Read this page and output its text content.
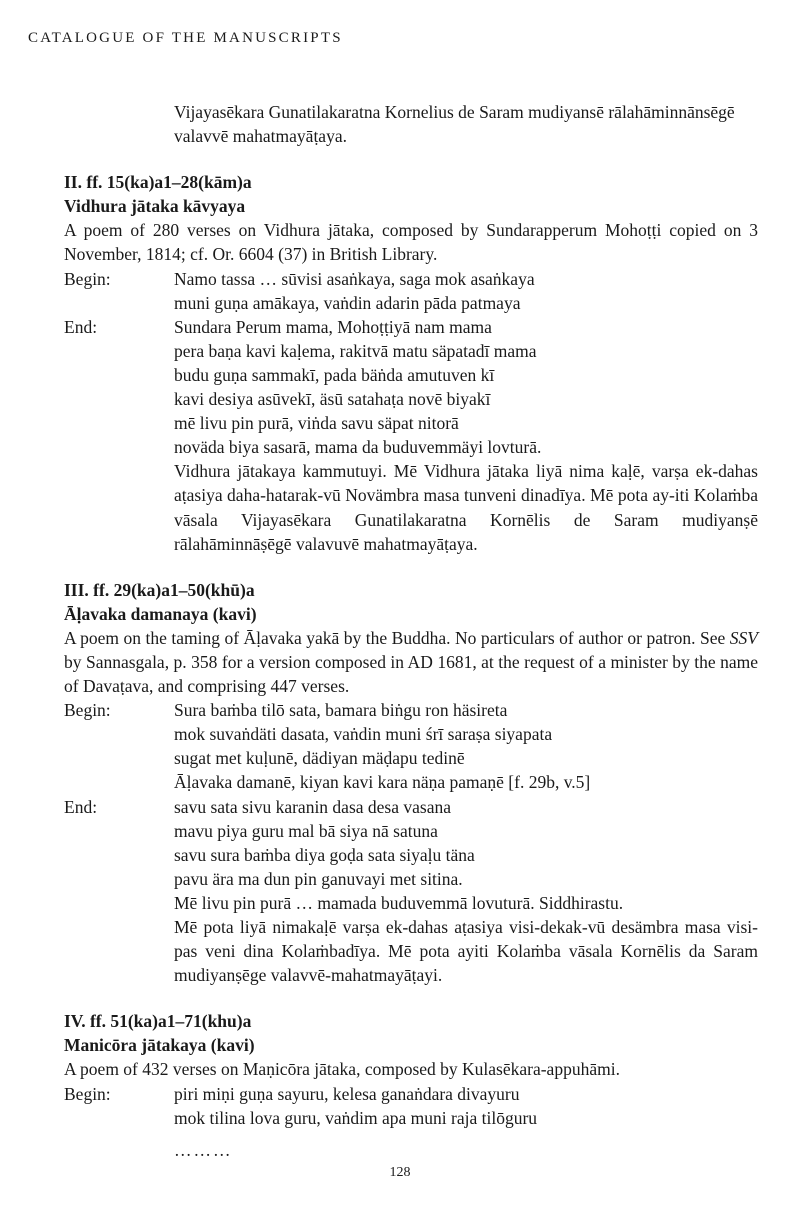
CATALOGUE OF THE MANUSCRIPTS

Vijayasēkara Gunatilakaratna Kornelius de Saram mudiyansē rālahāminnānsēgē

valavvē mahatmayāṭaya.

II. ff. 15(ka)a1–28(kām)a

Vidhura jātaka kāvyaya

A poem of 280 verses on Vidhura jātaka, composed by Sundarapperum Mohoṭṭi copied on 3 November, 1814; cf. Or. 6604 (37) in British Library.

Begin:	Namo tassa … sūvisi asaṅkaya, saga mok asaṅkaya
muni guṇa amākaya, vaṅdin adarin pāda patmaya
End:	Sundara Perum mama, Mohoṭṭiyā nam mama
pera baṇa kavi kaḷema, rakitvā matu säpatadī mama
budu guṇa sammakī, pada bäṅda amutuven kī
kavi desiya asūvekī, äsū satahaṭa novē biyakī
mē livu pin purā, viṅda savu säpat nitorā
noväda biya sasarā, mama da buduvemmäyi lovturā.
Vidhura jātakaya kammutuyi. Mē Vidhura jātaka liyā nima kaḷē, varṣa ek-dahas aṭasiya daha-hatarak-vū Novämbra masa tunveni dinadīya. Mē pota ay-iti Kolaṁba vāsala Vijayasēkara Gunatilakaratna Kornēlis de Saram mudiyanṣē rālahāminnāṣēgē valavuvē mahatmayāṭaya.

III. ff. 29(ka)a1–50(khū)a

Āḷavaka damanaya (kavi)

A poem on the taming of Āḷavaka yakā by the Buddha. No particulars of author or patron. See SSV by Sannasgala, p. 358 for a version composed in AD 1681, at the request of a minister by the name of Davaṭava, and comprising 447 verses.

Begin:	Sura baṁba tilō sata, bamara biṅgu ron häsireta
mok suvaṅdäti dasata, vaṅdin muni śrī saraṣa siyapata
sugat met kuḷunē, dädiyan mäḍapu tedinē
Āḷavaka damanē, kiyan kavi kara näṇa pamaṇē [f. 29b, v.5]
End:	savu sata sivu karanin dasa desa vasana
mavu piya guru mal bā siya nā satuna
savu sura baṁba diya goḍa sata siyaḷu täna
pavu ära ma dun pin ganuvayi met sitina.
Mē livu pin purā … mamada buduvemmā lovuturā. Siddhirastu.
Mē pota liyā nimakaḷē varṣa ek-dahas aṭasiya visi-dekak-vū desämbra masa visi-pas veni dina Kolaṁbadīya. Mē pota ayiti Kolaṁba vāsala Kornēlis da Saram mudiyanṣēge valavvē-mahatmayāṭayi.

IV. ff. 51(ka)a1–71(khu)a

Manicōra jātakaya (kavi)

A poem of 432 verses on Maṇicōra jātaka, composed by Kulasēkara-appuhāmi.

Begin:	piri miṇi guṇa sayuru, kelesa ganaṅdara divayuru
mok tilina lova guru, vaṅdim apa muni raja tilōguru
………
128
